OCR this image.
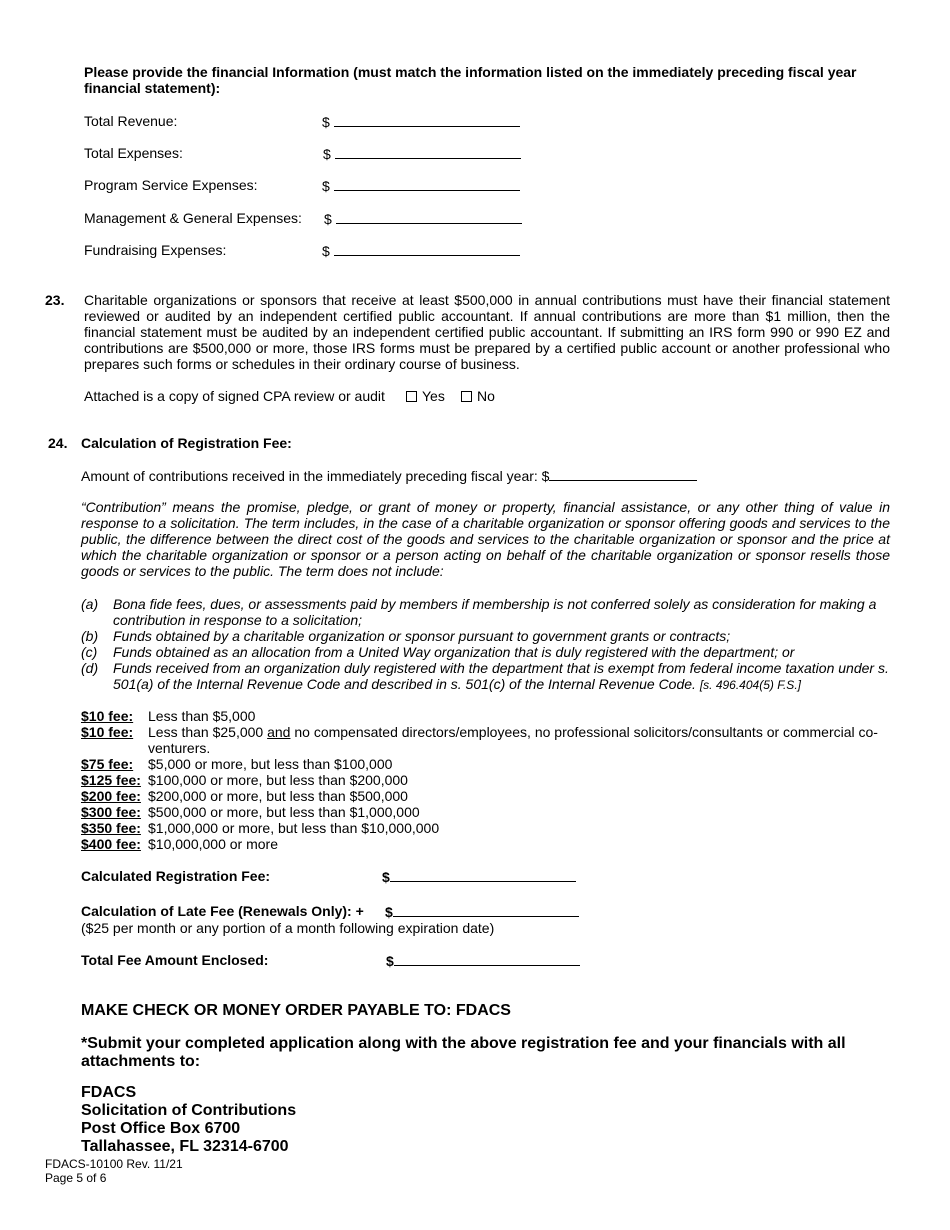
Please provide the financial Information (must match the information listed on the immediately preceding fiscal year financial statement):
Total Revenue:	$
Total Expenses:	$
Program Service Expenses:	$
Management & General Expenses: $
Fundraising Expenses:	$
23. Charitable organizations or sponsors that receive at least $500,000 in annual contributions must have their financial statement reviewed or audited by an independent certified public accountant. If annual contributions are more than $1 million, then the financial statement must be audited by an independent certified public accountant. If submitting an IRS form 990 or 990 EZ and contributions are $500,000 or more, those IRS forms must be prepared by a certified public account or another professional who prepares such forms or schedules in their ordinary course of business.
Attached is a copy of signed CPA review or audit	Yes	No
24. Calculation of Registration Fee:
Amount of contributions received in the immediately preceding fiscal year: $
“Contribution” means the promise, pledge, or grant of money or property, financial assistance, or any other thing of value in response to a solicitation. The term includes, in the case of a charitable organization or sponsor offering goods and services to the public, the difference between the direct cost of the goods and services to the charitable organization or sponsor and the price at which the charitable organization or sponsor or a person acting on behalf of the charitable organization or sponsor resells those goods or services to the public. The term does not include:
(a) Bona fide fees, dues, or assessments paid by members if membership is not conferred solely as consideration for making a contribution in response to a solicitation;
(b) Funds obtained by a charitable organization or sponsor pursuant to government grants or contracts;
(c) Funds obtained as an allocation from a United Way organization that is duly registered with the department; or
(d) Funds received from an organization duly registered with the department that is exempt from federal income taxation under s. 501(a) of the Internal Revenue Code and described in s. 501(c) of the Internal Revenue Code. [s. 496.404(5) F.S.]
$10 fee: Less than $5,000
$10 fee: Less than $25,000 and no compensated directors/employees, no professional solicitors/consultants or commercial co-venturers.
$75 fee: $5,000 or more, but less than $100,000
$125 fee: $100,000 or more, but less than $200,000
$200 fee: $200,000 or more, but less than $500,000
$300 fee: $500,000 or more, but less than $1,000,000
$350 fee: $1,000,000 or more, but less than $10,000,000
$400 fee: $10,000,000 or more
Calculated Registration Fee:	$
Calculation of Late Fee (Renewals Only): + $
($25 per month or any portion of a month following expiration date)
Total Fee Amount Enclosed:	$
MAKE CHECK OR MONEY ORDER PAYABLE TO: FDACS
*Submit your completed application along with the above registration fee and your financials with all attachments to:
FDACS
Solicitation of Contributions
Post Office Box 6700
Tallahassee, FL 32314-6700
FDACS-10100 Rev. 11/21
Page 5 of 6
